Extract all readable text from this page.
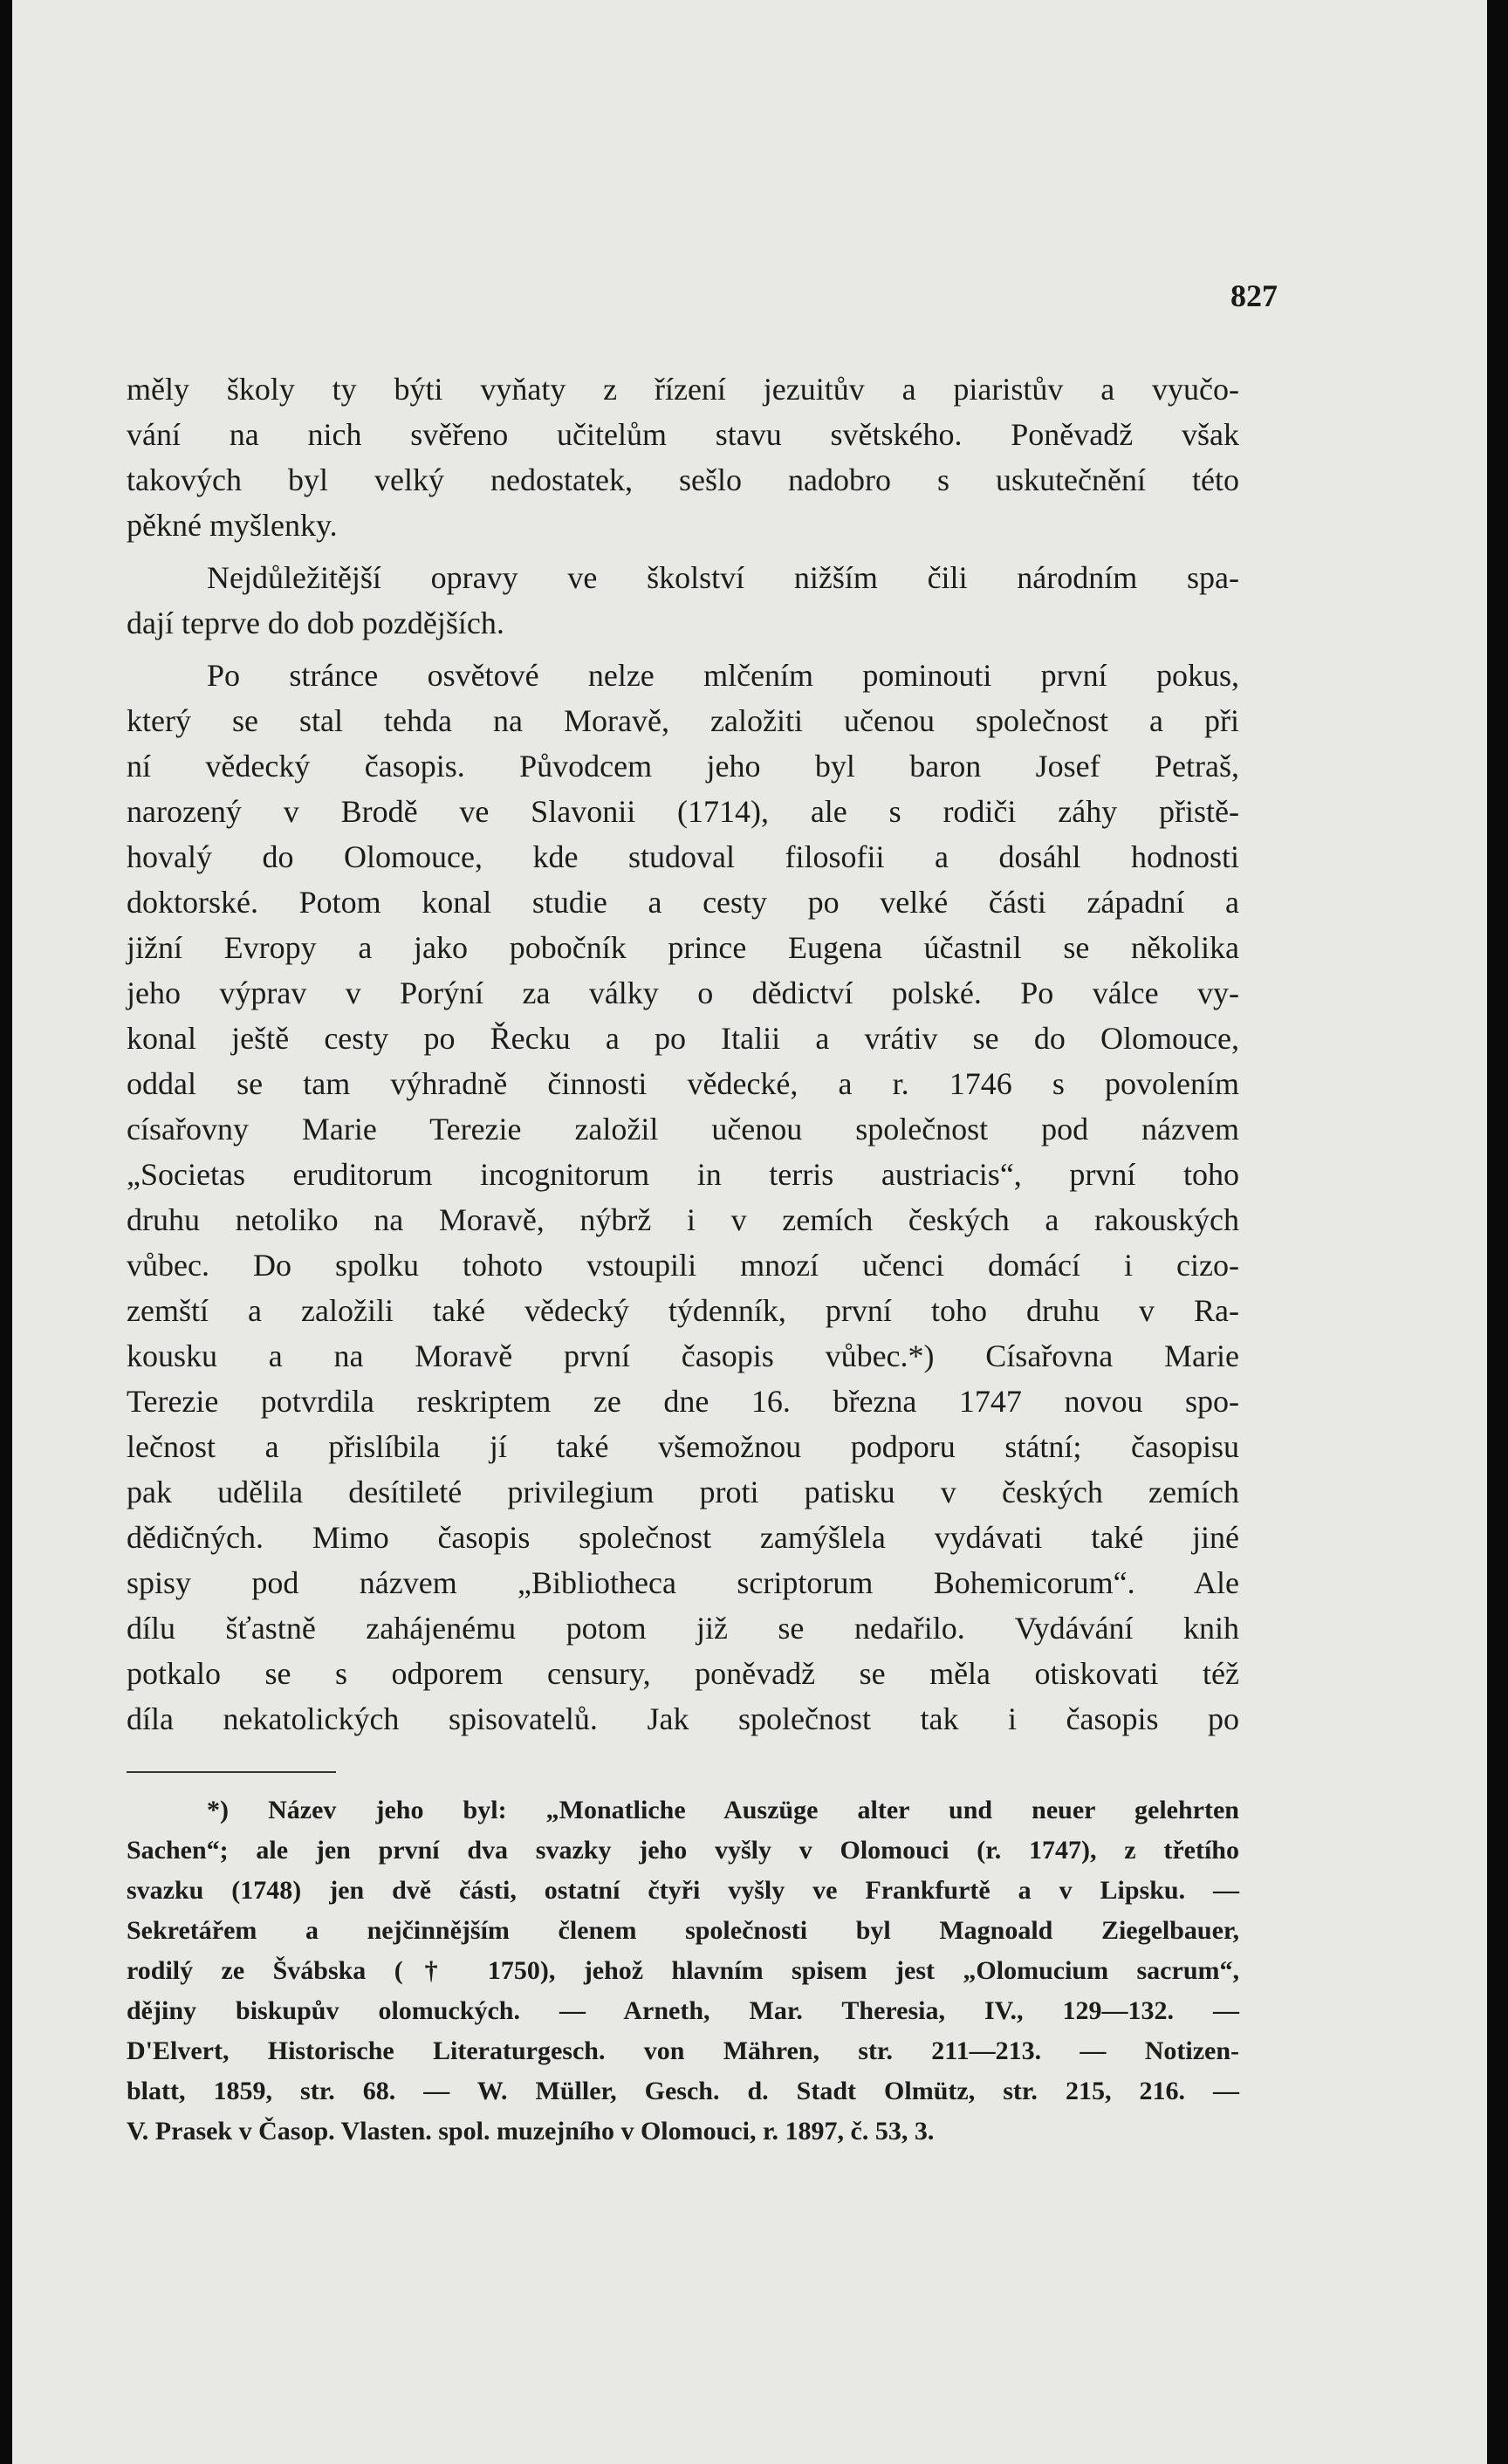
827
měly školy ty býti vyňaty z řízení jezuitův a piaristův a vyučo-
vání na nich svěřeno učitelům stavu světského. Poněvadž však
takových byl velký nedostatek, sešlo nadobro s uskutečnění této
pěkné myšlenky.
Nejdůležitější opravy ve školství nižším čili národním spa-
dají teprve do dob pozdějších.
Po stránce osvětové nelze mlčením pominouti první pokus,
který se stal tehda na Moravě, založiti učenou společnost a při
ní vědecký časopis. Původcem jeho byl baron Josef Petraš,
narozený v Brodě ve Slavonii (1714), ale s rodiči záhy přistě-
hovalý do Olomouce, kde studoval filosofii a dosáhl hodnosti
doktorské. Potom konal studie a cesty po velké části západní a
jižní Evropy a jako pobočník prince Eugena účastnil se několika
jeho výprav v Porýní za války o dědictví polské. Po válce vy-
konal ještě cesty po Řecku a po Italii a vrátiv se do Olomouce,
oddal se tam výhradně činnosti vědecké, a r. 1746 s povolením
císařovny Marie Terezie založil učenou společnost pod názvem
„Societas eruditorum incognitorum in terris austriacis“, první toho
druhu netoliko na Moravě, nýbrž i v zemích českých a rakouských
vůbec. Do spolku tohoto vstoupili mnozí učenci domácí i cizo-
zemští a založili také vědecký týdenník, první toho druhu v Ra-
kousku a na Moravě první časopis vůbec.*) Císařovna Marie
Terezie potvrdila reskriptem ze dne 16. března 1747 novou spo-
lečnost a přislíbila jí také všemožnou podporu státní; časopisu
pak udělila desítileté privilegium proti patisku v českých zemích
dědičných. Mimo časopis společnost zamýšlela vydávati také jiné
spisy pod názvem „Bibliotheca scriptorum Bohemicorum“. Ale
dílu šťastně zahájenému potom již se nedařilo. Vydávání knih
potkalo se s odporem censury, poněvadž se měla otiskovati též
díla nekatolických spisovatelů. Jak společnost tak i časopis po
*) Název jeho byl: „Monatliche Auszüge alter und neuer gelehrten
Sachen“; ale jen první dva svazky jeho vyšly v Olomouci (r. 1747), z třetího
svazku (1748) jen dvě části, ostatní čtyři vyšly ve Frankfurtě a v Lipsku. —
Sekretářem a nejčinnějším členem společnosti byl Magnoald Ziegelbauer,
rodilý ze Švábska († 1750), jehož hlavním spisem jest „Olomucium sacrum“,
dějiny biskupův olomuckých. — Arneth, Mar. Theresia, IV., 129—132. —
D'Elvert, Historische Literaturgesch. von Mähren, str. 211—213. — Notizen-
blatt, 1859, str. 68. — W. Müller, Gesch. d. Stadt Olmütz, str. 215, 216. —
V. Prasek v Časop. Vlasten. spol. muzejního v Olomouci, r. 1897, č. 53, 3.
